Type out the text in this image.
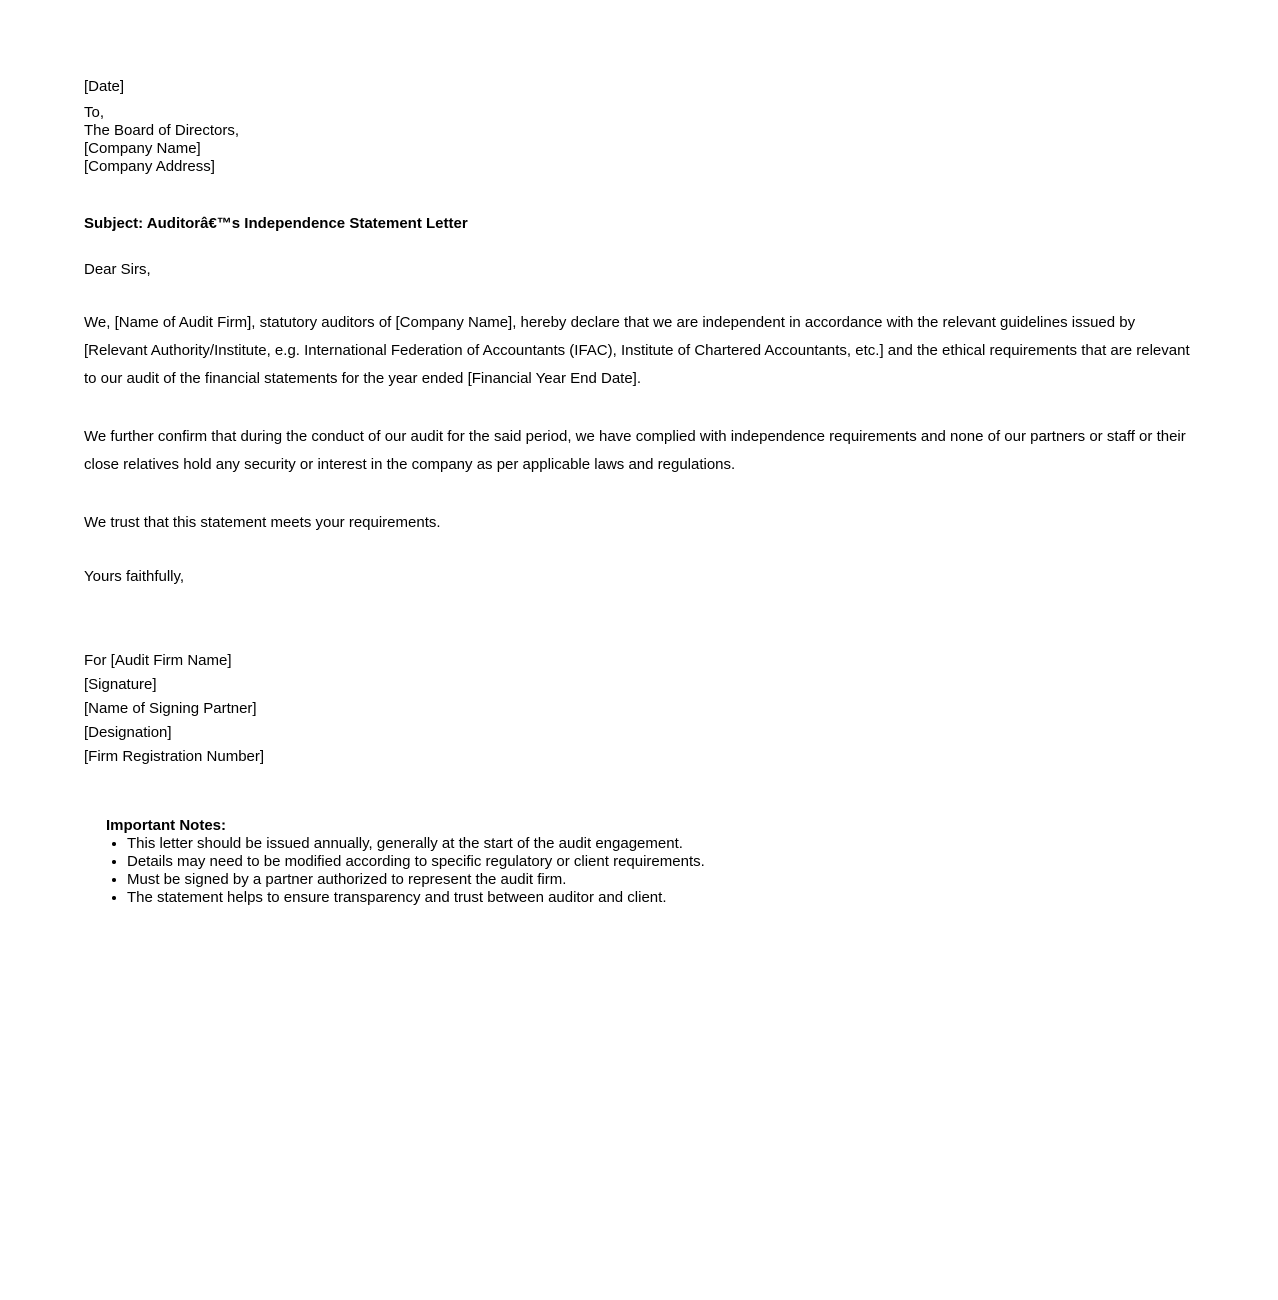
[Date]

To,
The Board of Directors,
[Company Name]
[Company Address]

Subject: Auditorâ€™s Independence Statement Letter

Dear Sirs,

We, [Name of Audit Firm], statutory auditors of [Company Name], hereby declare that we are independent in accordance with the relevant guidelines issued by [Relevant Authority/Institute, e.g. International Federation of Accountants (IFAC), Institute of Chartered Accountants, etc.] and the ethical requirements that are relevant to our audit of the financial statements for the year ended [Financial Year End Date].

We further confirm that during the conduct of our audit for the said period, we have complied with independence requirements and none of our partners or staff or their close relatives hold any security or interest in the company as per applicable laws and regulations.

We trust that this statement meets your requirements.

Yours faithfully,

For [Audit Firm Name]
[Signature]
[Name of Signing Partner]
[Designation]
[Firm Registration Number]

Important Notes:

• This letter should be issued annually, generally at the start of the audit engagement.
• Details may need to be modified according to specific regulatory or client requirements.
• Must be signed by a partner authorized to represent the audit firm.
• The statement helps to ensure transparency and trust between auditor and client.
